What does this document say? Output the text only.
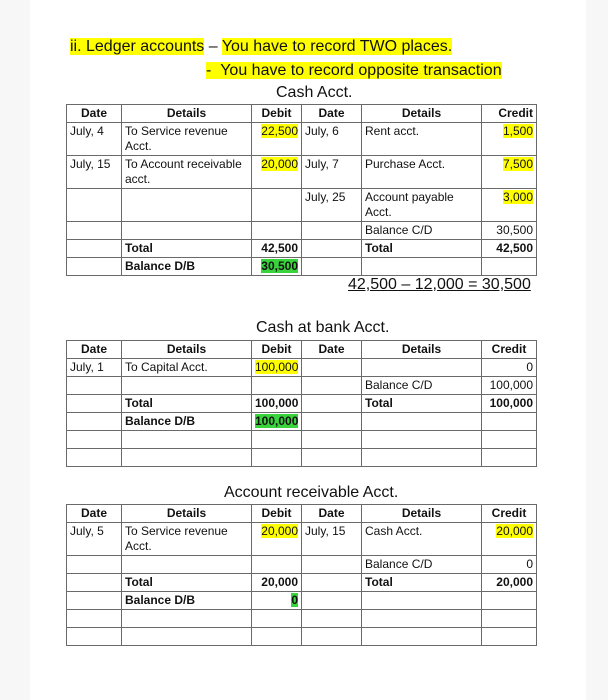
ii. Ledger accounts – You have to record TWO places.
- You have to record opposite transaction
Cash Acct.
Date	Details	Debit	Date	Details	Credit
July, 4	To Service revenue Acct.	22,500	July, 6	Rent acct.	1,500
July, 15	To Account receivable acct.	20,000	July, 7	Purchase Acct.	7,500
			July, 25	Account payable Acct.	3,000
				Balance C/D	30,500
	Total	42,500		Total	42,500
	Balance D/B	30,500			
42,500 – 12,000 = 30,500
Cash at bank Acct.
Date	Details	Debit	Date	Details	Credit
July, 1	To Capital Acct.	100,000			0
				Balance C/D	100,000
	Total	100,000		Total	100,000
	Balance D/B	100,000			

Account receivable Acct.
Date	Details	Debit	Date	Details	Credit
July, 5	To Service revenue Acct.	20,000	July, 15	Cash Acct.	20,000
				Balance C/D	0
	Total	20,000		Total	20,000
	Balance D/B	0			
